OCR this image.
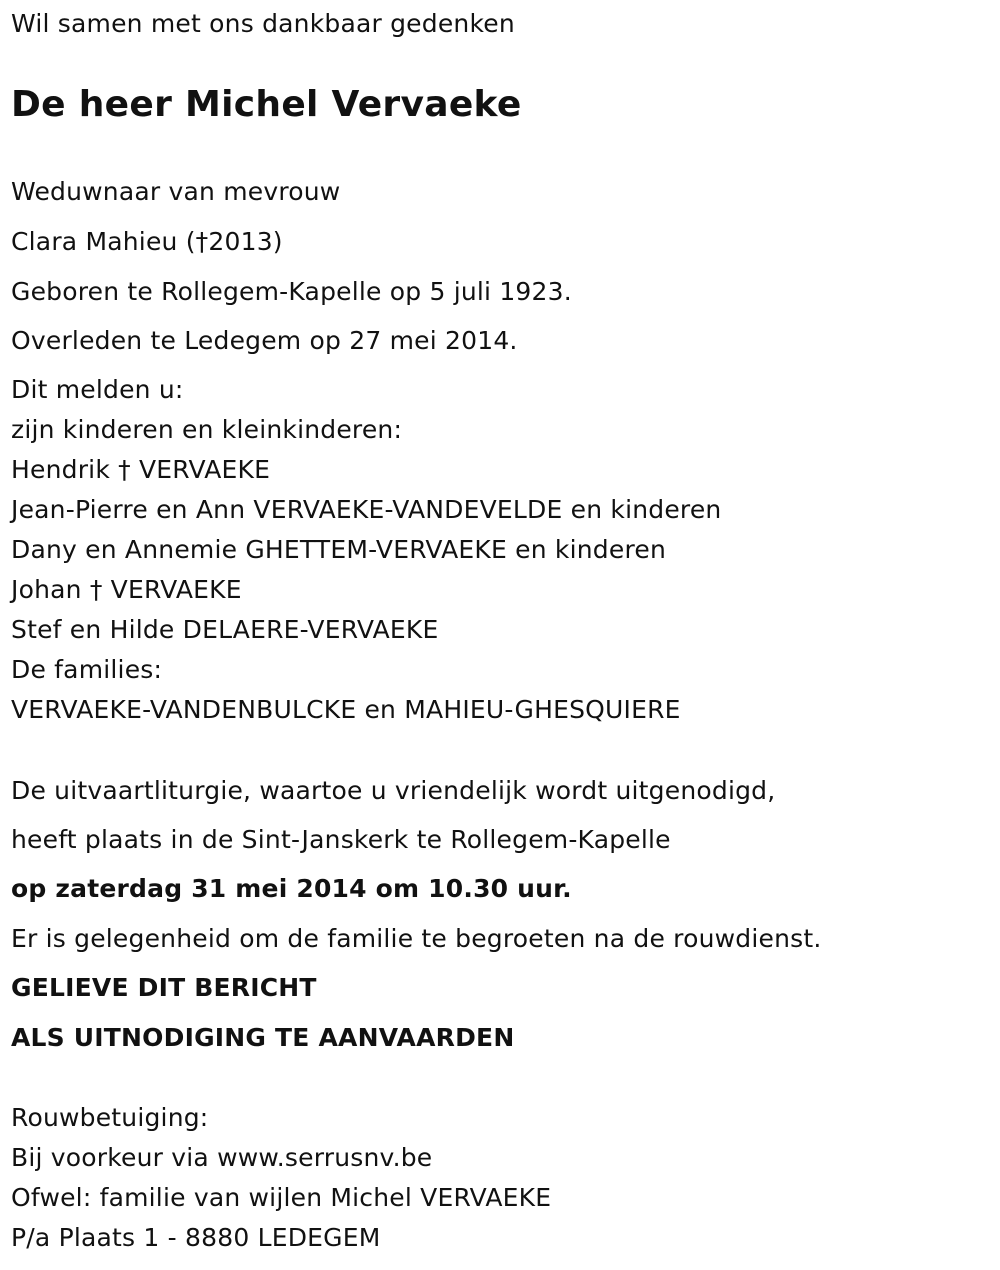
Wil samen met ons dankbaar gedenken
De heer Michel Vervaeke
Weduwnaar van mevrouw
Clara Mahieu (†2013)
Geboren te Rollegem-Kapelle op 5 juli 1923.
Overleden te Ledegem op 27 mei 2014.
Dit melden u:
zijn kinderen en kleinkinderen:
Hendrik † VERVAEKE
Jean-Pierre en Ann VERVAEKE-VANDEVELDE en kinderen
Dany en Annemie GHETTEM-VERVAEKE en kinderen
Johan † VERVAEKE
Stef en Hilde DELAERE-VERVAEKE
De families:
VERVAEKE-VANDENBULCKE en MAHIEU-GHESQUIERE
De uitvaartliturgie, waartoe u vriendelijk wordt uitgenodigd,
heeft plaats in de Sint-Janskerk te Rollegem-Kapelle
op zaterdag 31 mei 2014 om 10.30 uur.
Er is gelegenheid om de familie te begroeten na de rouwdienst.
GELIEVE DIT BERICHT
ALS UITNODIGING TE AANVAARDEN
Rouwbetuiging:
Bij voorkeur via www.serrusnv.be
Ofwel: familie van wijlen Michel VERVAEKE
P/a Plaats 1 - 8880 LEDEGEM
